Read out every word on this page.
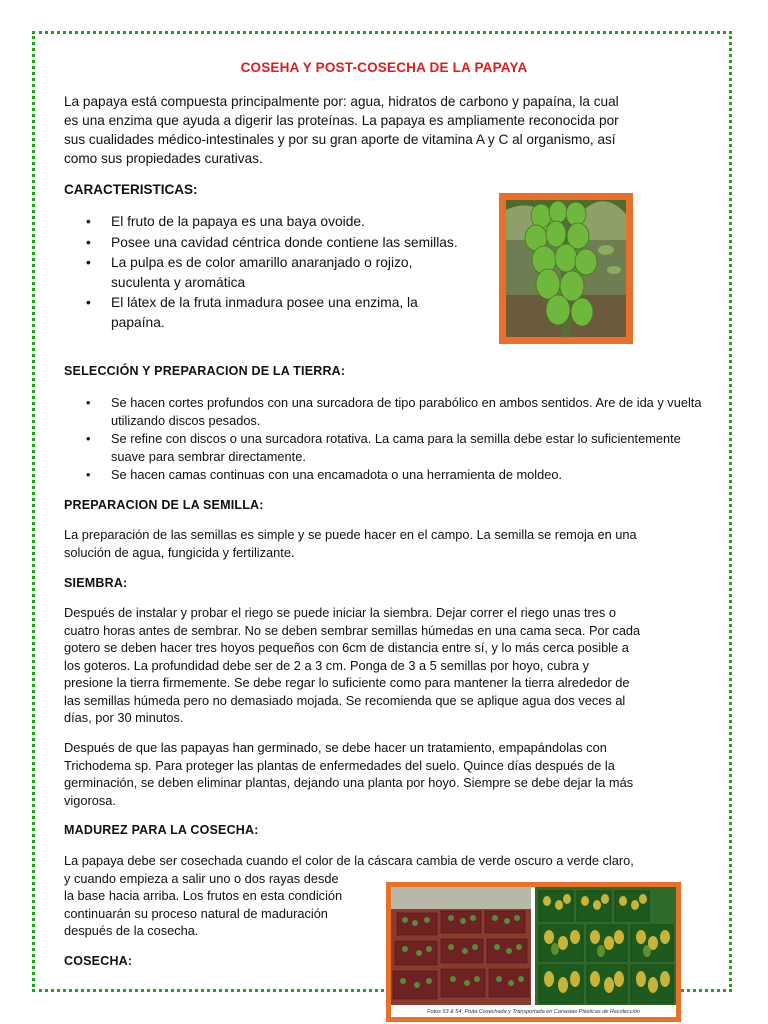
COSEHA Y POST-COSECHA DE LA PAPAYA
La papaya está compuesta principalmente por: agua, hidratos de carbono y papaína, la cual
es una enzima que ayuda a digerir las proteínas. La papaya es ampliamente reconocida por
sus cualidades médico-intestinales y por su gran aporte de vitamina A y C al organismo, así
como sus propiedades curativas.
CARACTERISTICAS:
• El fruto de la papaya es una baya ovoide.
• Posee una cavidad céntrica donde contiene las semillas.
• La pulpa es de color amarillo anaranjado o rojizo, suculenta y aromática
• El látex de la fruta inmadura posee una enzima, la papaína.
SELECCIÓN Y PREPARACION DE LA TIERRA:
• Se hacen cortes profundos con una surcadora de tipo parabólico en ambos sentidos. Are de ida y vuelta utilizando discos pesados.
• Se refine con discos o una surcadora rotativa. La cama para la semilla debe estar lo suficientemente suave para sembrar directamente.
• Se hacen camas continuas con una encamadota o una herramienta de moldeo.
PREPARACION DE LA SEMILLA:
La preparación de las semillas es simple y se puede hacer en el campo. La semilla se remoja en una
solución de agua, fungicida y fertilizante.
SIEMBRA:
Después de instalar y probar el riego se puede iniciar la siembra. Dejar correr el riego unas tres o
cuatro horas antes de sembrar. No se deben sembrar semillas húmedas en una cama seca. Por cada
gotero se deben hacer tres hoyos pequeños con 6cm de distancia entre sí, y lo más cerca posible a
los goteros. La profundidad debe ser de 2 a 3 cm. Ponga de 3 a 5 semillas por hoyo, cubra y
presione la tierra firmemente. Se debe regar lo suficiente como para mantener la tierra alrededor de
las semillas húmeda pero no demasiado mojada. Se recomienda que se aplique agua dos veces al
días, por 30 minutos.
Después de que las papayas han germinado, se debe hacer un tratamiento, empapándolas con
Trichodema sp. Para proteger las plantas de enfermedades del suelo. Quince días después de la
germinación, se deben eliminar plantas, dejando una planta por hoyo. Siempre se debe dejar la más
vigorosa.
MADUREZ PARA LA COSECHA:
La papaya debe ser cosechada cuando el color de la cáscara cambia de verde oscuro a verde claro,
y cuando empieza a salir uno o dos rayas desde
la base hacia arriba. Los frutos en esta condición
continuarán su proceso natural de maduración
después de la cosecha.
COSECHA:
Fotos 53 & 54: Fruta Cosechada y Transportada en Canastas Plásticas de Recolección
